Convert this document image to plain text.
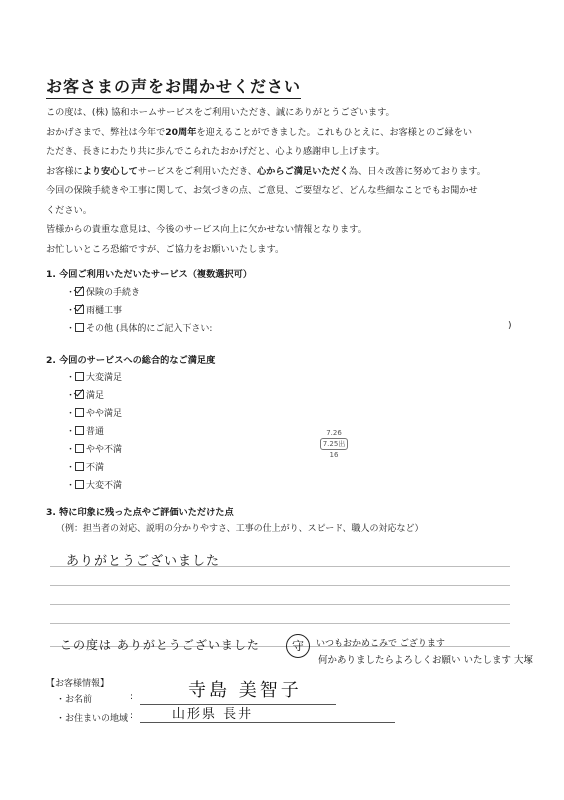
お客さまの声をお聞かせください

この度は、(株) 協和ホームサービスをご利用いただき、誠にありがとうございます。

おかげさまで、弊社は今年で20周年を迎えることができました。これもひとえに、お客様とのご縁をい

ただき、長きにわたり共に歩んでこられたおかげだと、心より感謝申し上げます。

お客様により安心してサービスをご利用いただき、心からご満足いただく為、日々改善に努めております。

今回の保険手続きや工事に関して、お気づきの点、ご意見、ご要望など、どんな些細なことでもお聞かせ

ください。

皆様からの貴重な意見は、今後のサービス向上に欠かせない情報となります。

お忙しいところ恐縮ですが、ご協力をお願いいたします。

1. 今回ご利用いただいたサービス（複数選択可）
・ 保険の手続き
・ 雨樋工事
・ その他 (具体的にご記入下さい:	)
2. 今回のサービスへの総合的なご満足度
・ 大変満足
・ 満足
・ やや満足
・ 普通
・ やや不満
・ 不満
・ 大変不満
7.26
7.25出
16
3. 特に印象に残った点やご評価いただけた点
（例：担当者の対応、説明の分かりやすさ、工事の仕上がり、スピード、職人の対応など）
ありがとうございました
この度は ありがとうございました	守	いつもおかめこみで ござります
何かありましたらよろしくお願い いたします 大塚
【お客様情報】
・お名前	:	寺島 美智子
・お住まいの地域 :	山形県 長井
